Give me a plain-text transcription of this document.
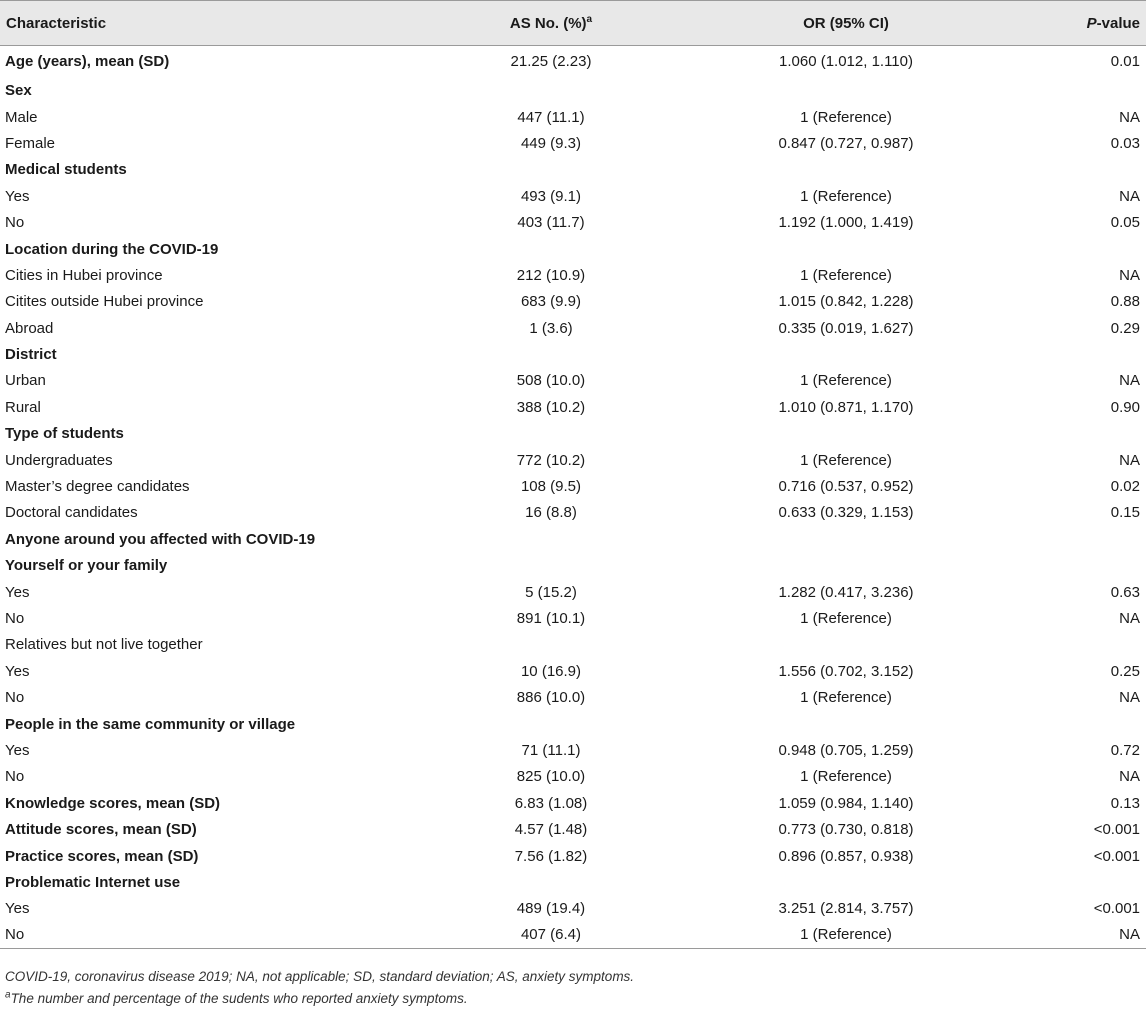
Characteristic	AS No. (%)$^a$	OR (95% CI)	P-value
Age (years), mean (SD)	21.25 (2.23)	1.060 (1.012, 1.110)	0.01
Sex			
Male	447 (11.1)	1 (Reference)	NA
Female	449 (9.3)	0.847 (0.727, 0.987)	0.03
Medical students			
Yes	493 (9.1)	1 (Reference)	NA
No	403 (11.7)	1.192 (1.000, 1.419)	0.05
Location during the COVID-19			
Cities in Hubei province	212 (10.9)	1 (Reference)	NA
Citites outside Hubei province	683 (9.9)	1.015 (0.842, 1.228)	0.88
Abroad	1 (3.6)	0.335 (0.019, 1.627)	0.29
District			
Urban	508 (10.0)	1 (Reference)	NA
Rural	388 (10.2)	1.010 (0.871, 1.170)	0.90
Type of students			
Undergraduates	772 (10.2)	1 (Reference)	NA
Master’s degree candidates	108 (9.5)	0.716 (0.537, 0.952)	0.02
Doctoral candidates	16 (8.8)	0.633 (0.329, 1.153)	0.15
Anyone around you affected with COVID-19			
Yourself or your family			
Yes	5 (15.2)	1.282 (0.417, 3.236)	0.63
No	891 (10.1)	1 (Reference)	NA
Relatives but not live together			
Yes	10 (16.9)	1.556 (0.702, 3.152)	0.25
No	886 (10.0)	1 (Reference)	NA
People in the same community or village			
Yes	71 (11.1)	0.948 (0.705, 1.259)	0.72
No	825 (10.0)	1 (Reference)	NA
Knowledge scores, mean (SD)	6.83 (1.08)	1.059 (0.984, 1.140)	0.13
Attitude scores, mean (SD)	4.57 (1.48)	0.773 (0.730, 0.818)	<0.001
Practice scores, mean (SD)	7.56 (1.82)	0.896 (0.857, 0.938)	<0.001
Problematic Internet use			
Yes	489 (19.4)	3.251 (2.814, 3.757)	<0.001
No	407 (6.4)	1 (Reference)	NA

COVID-19, coronavirus disease 2019; NA, not applicable; SD, standard deviation; AS, anxiety symptoms.

$^a$The number and percentage of the sudents who reported anxiety symptoms.
